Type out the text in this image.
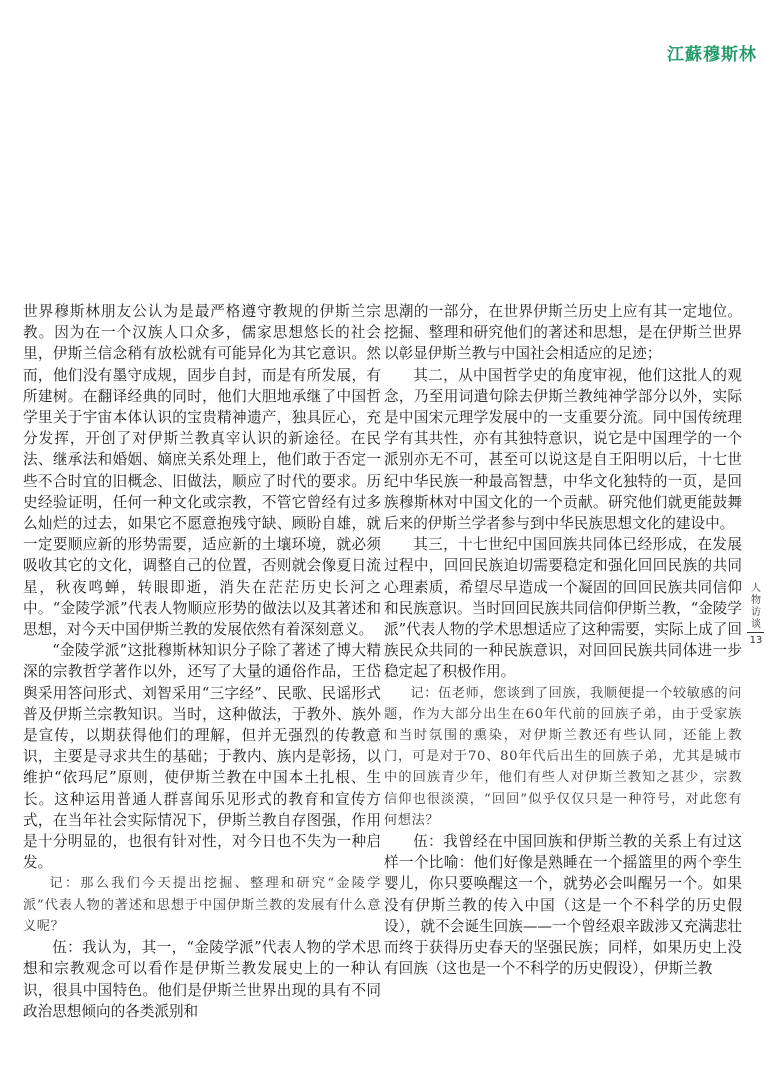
江蘇穆斯林

世界穆斯林朋友公认为是最严格遵守教规的伊斯兰宗教。因为在一个汉族人口众多，儒家思想悠长的社会里，伊斯兰信念稍有放松就有可能异化为其它意识。然而，他们没有墨守成规，固步自封，而是有所发展，有所建树。在翻译经典的同时，他们大胆地承继了中国哲学里关于宇宙本体认识的宝贵精神遗产，独具匠心，充分发挥，开创了对伊斯兰教真宰认识的新途径。在民法、继承法和婚姻、嫡庶关系处理上，他们敢于否定一些不合时宜的旧概念、旧做法，顺应了时代的要求。历史经验证明，任何一种文化或宗教，不管它曾经有过多么灿烂的过去，如果它不愿意抱残守缺、顾盼自雄，就一定要顺应新的形势需要，适应新的土壤环境，就必须吸收其它的文化，调整自己的位置，否则就会像夏日流星，秋夜鸣蝉，转眼即逝，消失在茫茫历史长河之中。“金陵学派”代表人物顺应形势的做法以及其著述和思想，对今天中国伊斯兰教的发展依然有着深刻意义。

“金陵学派”这批穆斯林知识分子除了著述了博大精深的宗教哲学著作以外，还写了大量的通俗作品，王岱舆采用答问形式、刘智采用“三字经”、民歌、民谣形式普及伊斯兰宗教知识。当时，这种做法，于教外、族外是宣传，以期获得他们的理解，但并无强烈的传教意识，主要是寻求共生的基础；于教内、族内是彰扬，以维护“依玛尼”原则，使伊斯兰教在中国本土扎根、生长。这种运用普通人群喜闻乐见形式的教育和宣传方式，在当年社会实际情况下，伊斯兰教自存图强，作用是十分明显的，也很有针对性，对今日也不失为一种启发。

记：那么我们今天提出挖掘、整理和研究“金陵学派”代表人物的著述和思想于中国伊斯兰教的发展有什么意义呢？

伍：我认为，其一，“金陵学派”代表人物的学术思想和宗教观念可以看作是伊斯兰教发展史上的一种认识，很具中国特色。他们是伊斯兰世界出现的具有不同政治思想倾向的各类派别和

思潮的一部分，在世界伊斯兰历史上应有其一定地位。挖掘、整理和研究他们的著述和思想，是在伊斯兰世界以彰显伊斯兰教与中国社会相适应的足迹；

其二，从中国哲学史的角度审视，他们这批人的观念，乃至用词遣句除去伊斯兰教纯神学部分以外，实际是中国宋元理学发展中的一支重要分流。同中国传统理学有其共性，亦有其独特意识，说它是中国理学的一个派别亦无不可，甚至可以说这是自王阳明以后，十七世纪中华民族一种最高智慧，中华文化独特的一页，是回族穆斯林对中国文化的一个贡献。研究他们就更能鼓舞后来的伊斯兰学者参与到中华民族思想文化的建设中。

其三，十七世纪中国回族共同体已经形成，在发展过程中，回回民族迫切需要稳定和强化回回民族的共同心理素质，希望尽早造成一个凝固的回回民族共同信仰和民族意识。当时回回民族共同信仰伊斯兰教，“金陵学派”代表人物的学术思想适应了这种需要，实际上成了回族民众共同的一种民族意识，对回回民族共同体进一步稳定起了积极作用。

记：伍老师，您谈到了回族，我顺便提一个较敏感的问题，作为大部分出生在60年代前的回族子弟，由于受家族和当时氛围的熏染，对伊斯兰教还有些认同，还能上教门，可是对于70、80年代后出生的回族子弟，尤其是城市中的回族青少年，他们有些人对伊斯兰教知之甚少，宗教信仰也很淡漠，“回回”似乎仅仅只是一种符号，对此您有何想法？

伍：我曾经在中国回族和伊斯兰教的关系上有过这样一个比喻：他们好像是熟睡在一个摇篮里的两个孪生婴儿，你只要唤醒这一个，就势必会叫醒另一个。如果没有伊斯兰教的传入中国（这是一个不科学的历史假设），就不会诞生回族——一个曾经艰辛跋涉又充满悲壮而终于获得历史春天的坚强民族；同样，如果历史上没有回族（这也是一个不科学的历史假设），伊斯兰教

人物访谈
13
